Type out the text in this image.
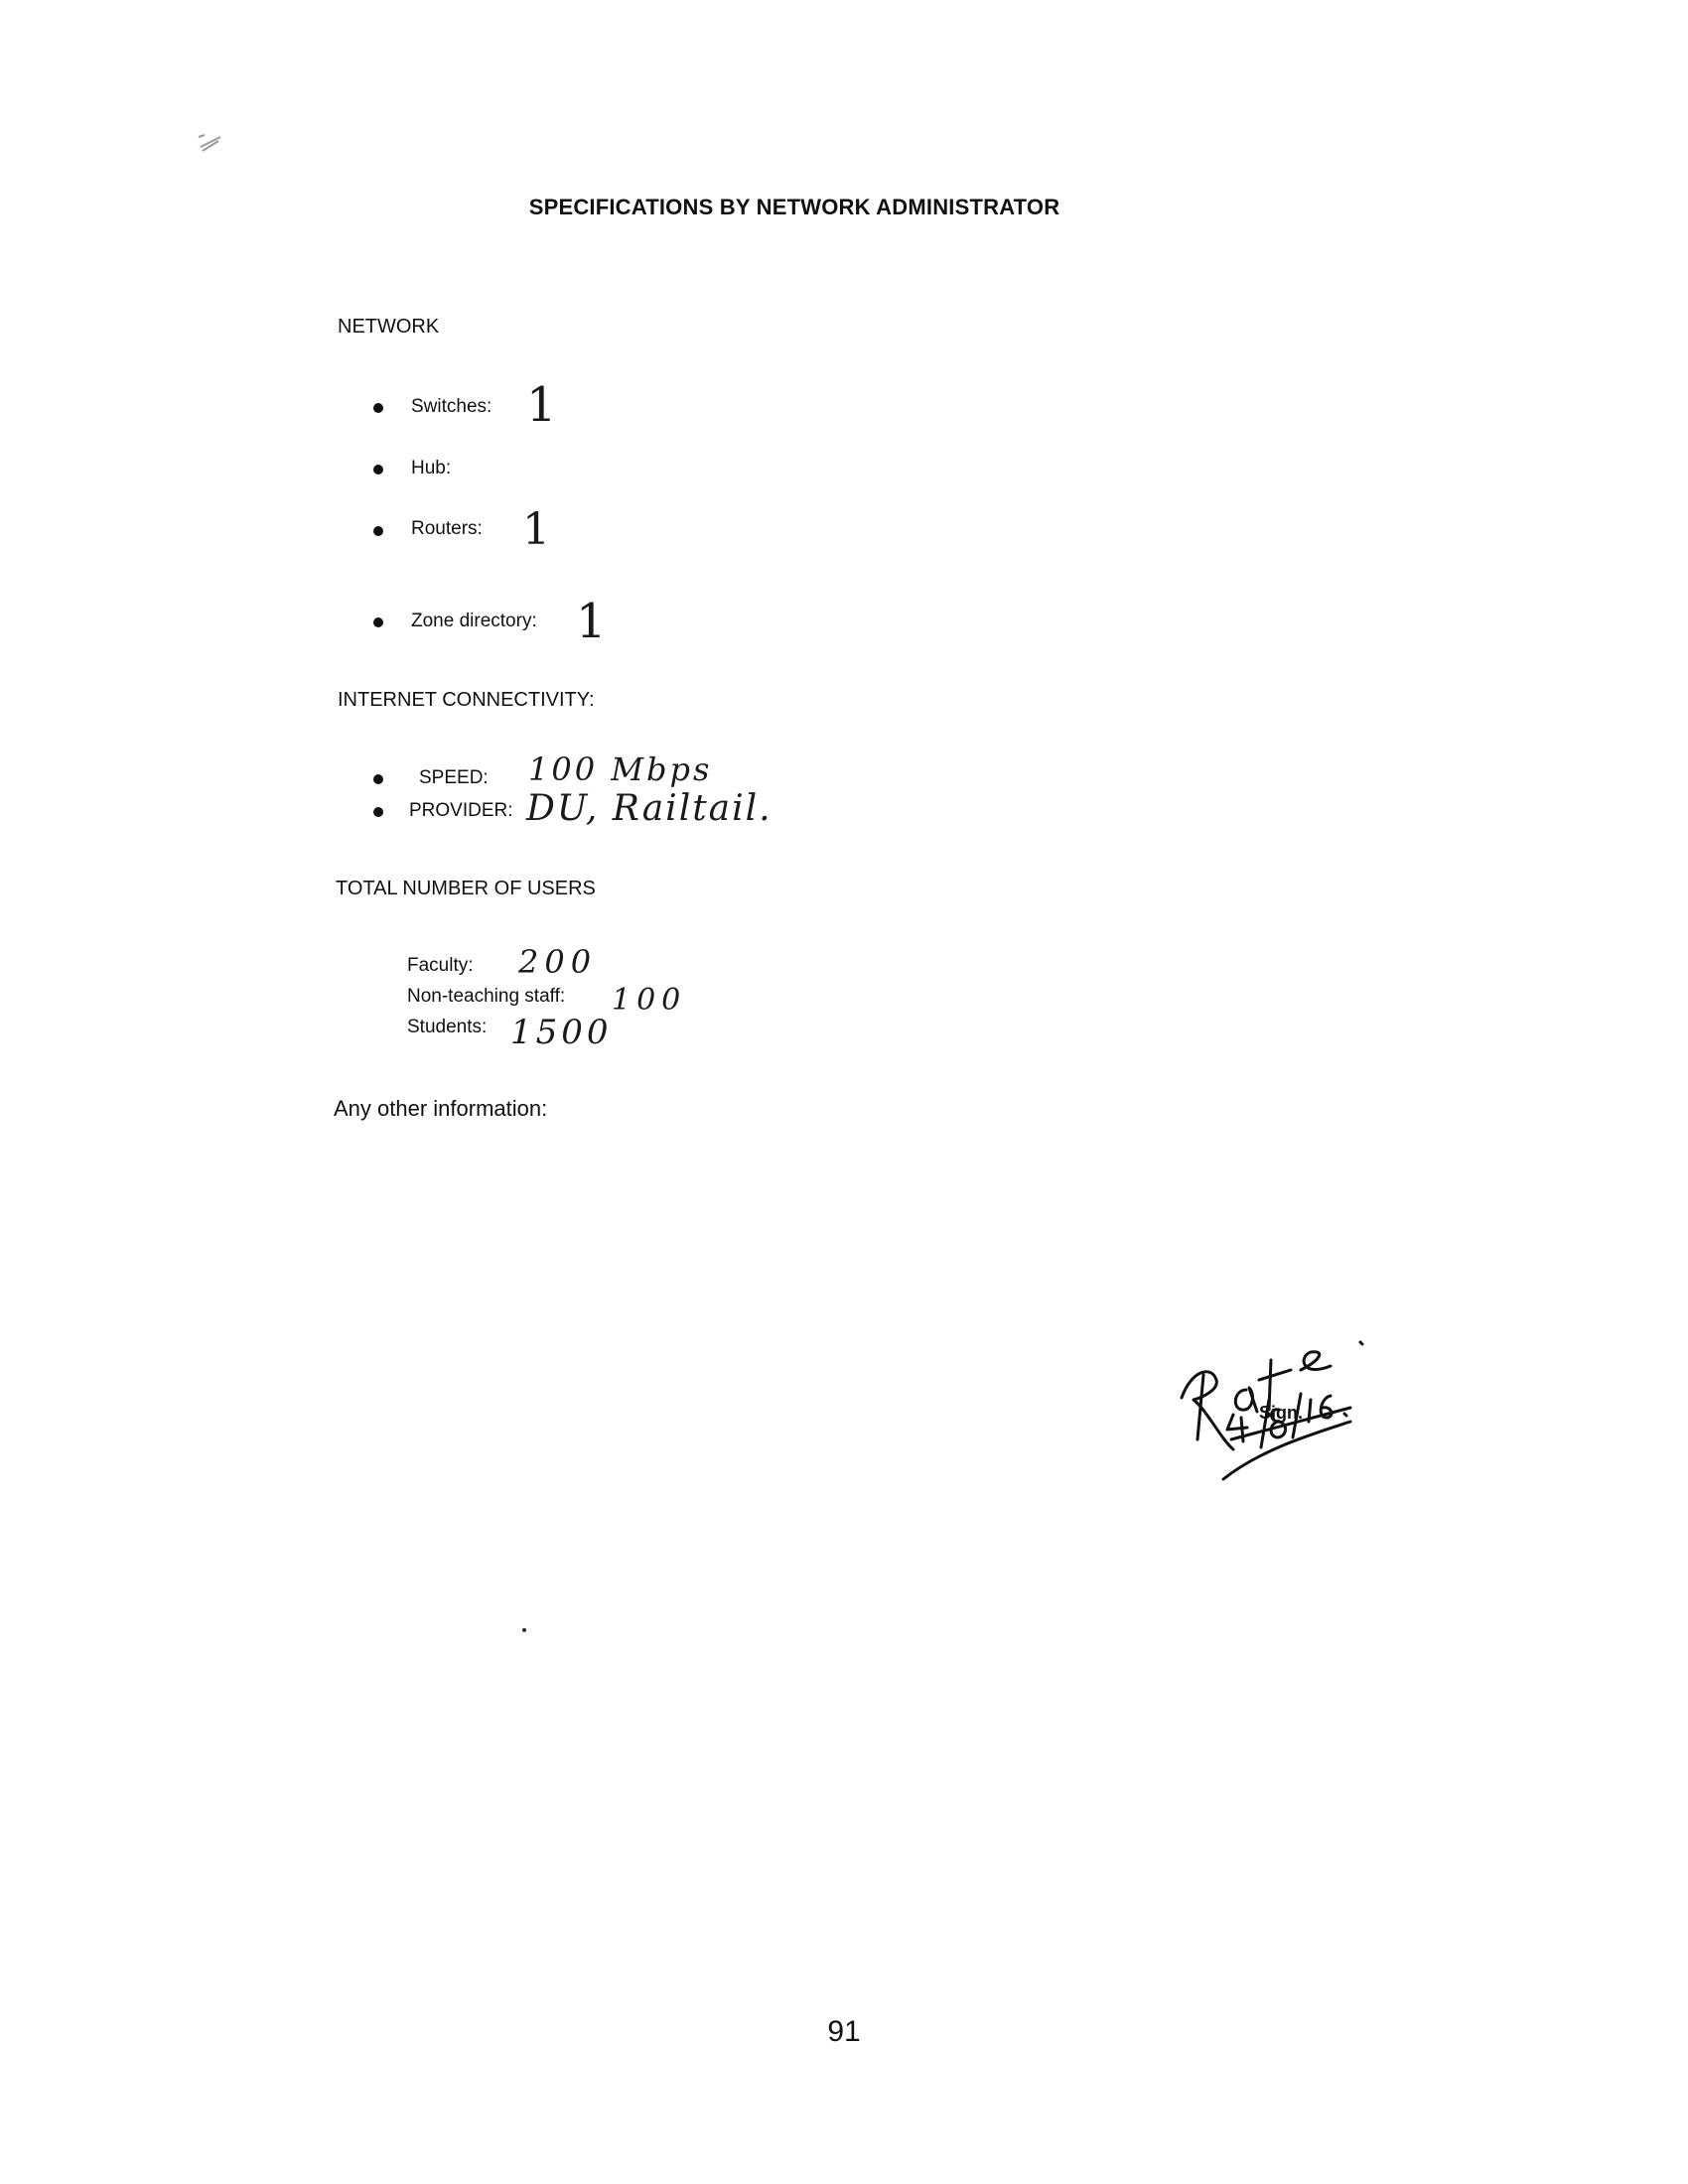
SPECIFICATIONS BY NETWORK ADMINISTRATOR
NETWORK
Switches: 1
Hub:
Routers: 1
Zone directory: 1
INTERNET CONNECTIVITY:
SPEED: 100 Mbps
PROVIDER: DU, Railtail.
TOTAL NUMBER OF USERS
Faculty: 200
Non-teaching staff: 100
Students: 1500
Any other information:
Sign.
91
